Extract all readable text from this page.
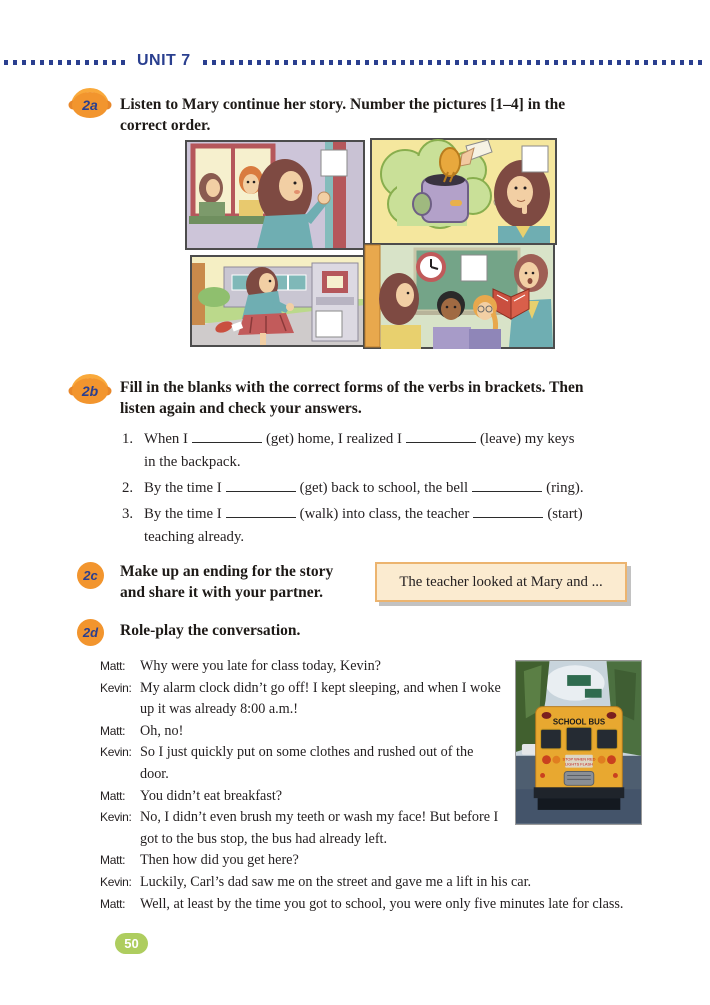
UNIT 7
2a Listen to Mary continue her story. Number the pictures [1–4] in the
correct order.
2b Fill in the blanks with the correct forms of the verbs in brackets. Then
listen again and check your answers.
1. When I	(get) home, I realized I	(leave) my keys
in the backpack.
2. By the time I	(get) back to school, the bell	(ring).
3. By the time I	(walk) into class, the teacher	(start)
teaching already.
2c Make up an ending for the story
and share it with your partner.
The teacher looked at Mary and ...
2d Role-play the conversation.
SCHOOL BUS
STOP WHEN RED
LIGHTS FLASH
Matt: Why were you late for class today, Kevin?
Kevin: My alarm clock didn’t go off! I kept sleeping, and when I woke up it was already 8:00 a.m.!
Matt: Oh, no!
Kevin: So I just quickly put on some clothes and rushed out of the door.
Matt: You didn’t eat breakfast?
Kevin: No, I didn’t even brush my teeth or wash my face! But before I got to the bus stop, the bus had already left.
Matt: Then how did you get here?
Kevin: Luckily, Carl’s dad saw me on the street and gave me a lift in his car.
Matt: Well, at least by the time you got to school, you were only five minutes late for class.
50
